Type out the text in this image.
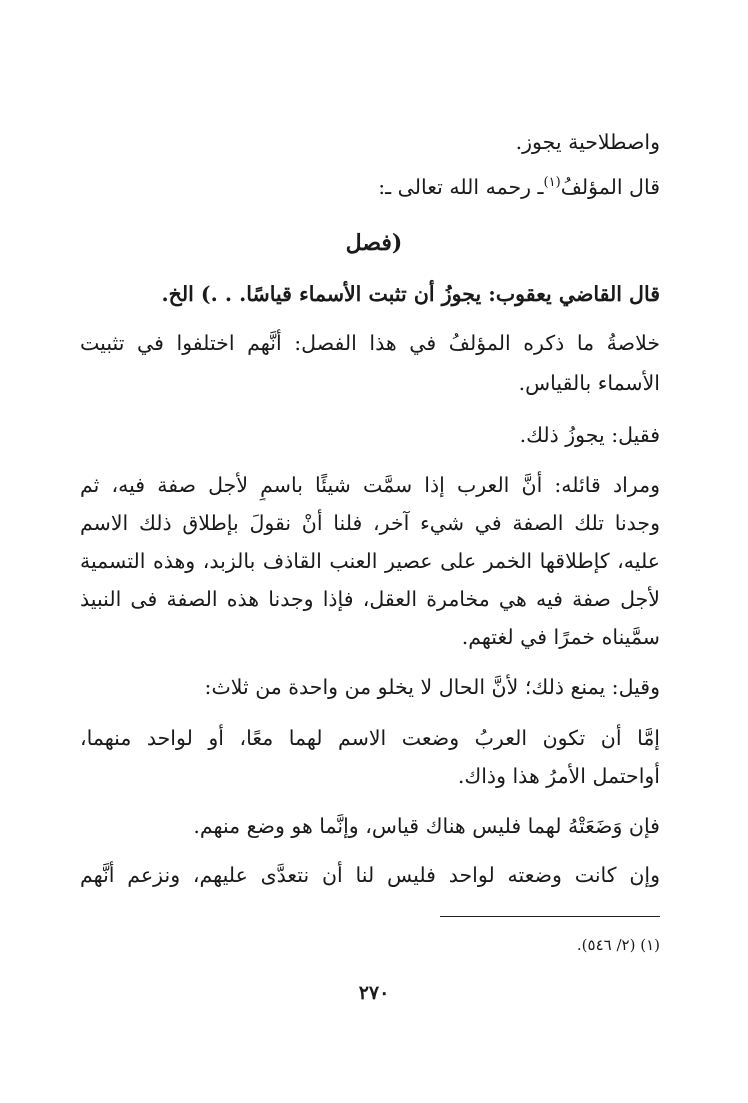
واصطلاحية يجوز.
قال المؤلفُ$^{(١)}$ـ رحمه الله تعالى ـ:
(فصل
قال القاضي يعقوب: يجوزُ أن تثبت الأسماء قياسًا. . .) الخ.
خلاصةُ ما ذكره المؤلفُ في هذا الفصل: أنَّهم اختلفوا في تثبيت
الأسماء بالقياس.
فقيل: يجوزُ ذلك.
ومراد قائله: أنَّ العرب إذا سمَّت شيئًا باسمٍ لأجل صفة فيه، ثم
وجدنا تلك الصفة في شيء آخر، فلنا أنْ نقولَ بإطلاق ذلك الاسم
عليه، كإطلاقها الخمر على عصير العنب القاذف بالزبد، وهذه التسمية
لأجل صفة فيه هي مخامرة العقل، فإذا وجدنا هذه الصفة فى النبيذ
سمَّيناه خمرًا في لغتهم.
وقيل: يمنع ذلك؛ لأنَّ الحال لا يخلو من واحدة من ثلاث:
إمَّا أن تكون العربُ وضعت الاسم لهما معًا، أو لواحد منهما،
أواحتمل الأمرُ هذا وذاك.
فإن وَضَعَتْهُ لهما فليس هناك قياس، وإنَّما هو وضع منهم.
وإن كانت وضعته لواحد فليس لنا أن نتعدَّى عليهم، ونزعم أنَّهم
(١) (٢/ ٥٤٦).
٢٧٠
